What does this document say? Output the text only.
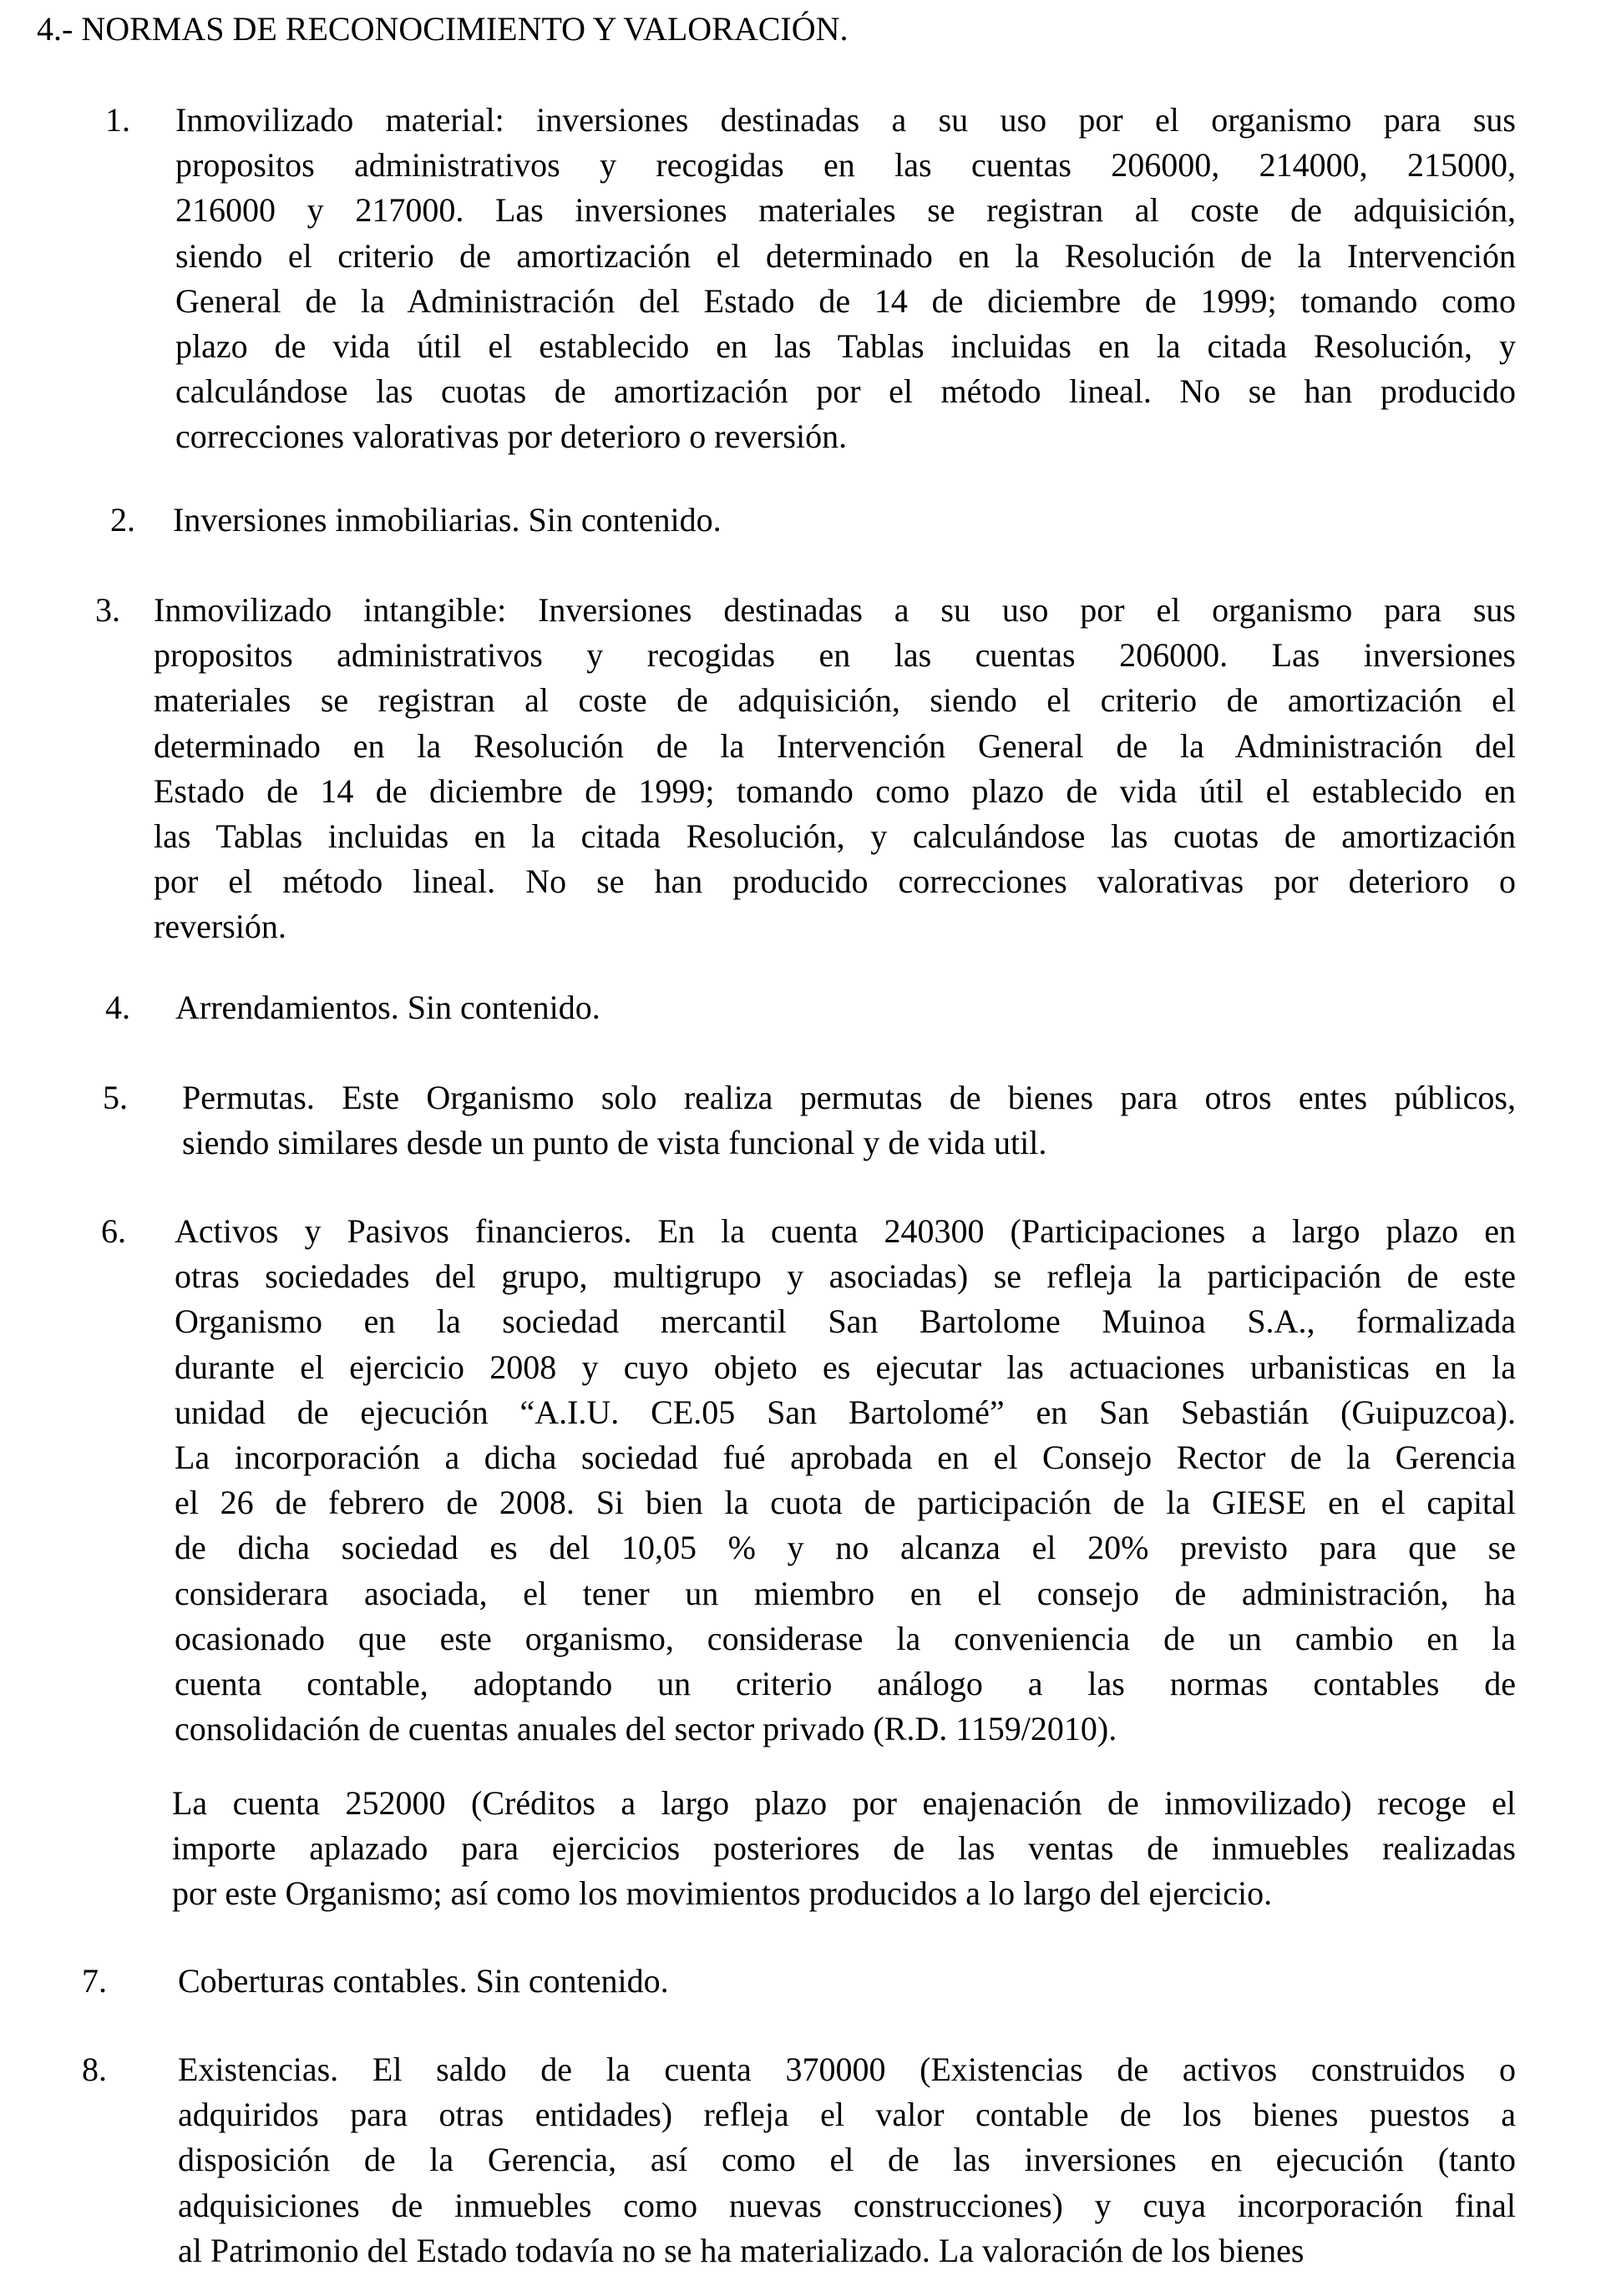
4.- NORMAS DE RECONOCIMIENTO Y VALORACIÓN.
1. Inmovilizado material: inversiones destinadas a su uso por el organismo para sus
propositos administrativos y recogidas en las cuentas 206000, 214000, 215000,
216000 y 217000. Las inversiones materiales se registran al coste de adquisición,
siendo el criterio de amortización el determinado en la Resolución de la Intervención
General de la Administración del Estado de 14 de diciembre de 1999; tomando como
plazo de vida útil el establecido en las Tablas incluidas en la citada Resolución, y
calculándose las cuotas de amortización por el método lineal. No se han producido
correcciones valorativas por deterioro o reversión.
2. Inversiones inmobiliarias. Sin contenido.
3. Inmovilizado intangible: Inversiones destinadas a su uso por el organismo para sus
propositos administrativos y recogidas en las cuentas 206000. Las inversiones
materiales se registran al coste de adquisición, siendo el criterio de amortización el
determinado en la Resolución de la Intervención General de la Administración del
Estado de 14 de diciembre de 1999; tomando como plazo de vida útil el establecido en
las Tablas incluidas en la citada Resolución, y calculándose las cuotas de amortización
por el método lineal. No se han producido correcciones valorativas por deterioro o
reversión.
4. Arrendamientos. Sin contenido.
5. Permutas. Este Organismo solo realiza permutas de bienes para otros entes públicos,
siendo similares desde un punto de vista funcional y de vida util.
6. Activos y Pasivos financieros. En la cuenta 240300 (Participaciones a largo plazo en
otras sociedades del grupo, multigrupo y asociadas) se refleja la participación de este
Organismo en la sociedad mercantil San Bartolome Muinoa S.A., formalizada
durante el ejercicio 2008 y cuyo objeto es ejecutar las actuaciones urbanisticas en la
unidad de ejecución “A.I.U. CE.05 San Bartolomé” en San Sebastián (Guipuzcoa).
La incorporación a dicha sociedad fué aprobada en el Consejo Rector de la Gerencia
el 26 de febrero de 2008. Si bien la cuota de participación de la GIESE en el capital
de dicha sociedad es del 10,05 % y no alcanza el 20% previsto para que se
considerara asociada, el tener un miembro en el consejo de administración, ha
ocasionado que este organismo, considerase la conveniencia de un cambio en la
cuenta contable, adoptando un criterio análogo a las normas contables de
consolidación de cuentas anuales del sector privado (R.D. 1159/2010).
La cuenta 252000 (Créditos a largo plazo por enajenación de inmovilizado) recoge el
importe aplazado para ejercicios posteriores de las ventas de inmuebles realizadas
por este Organismo; así como los movimientos producidos a lo largo del ejercicio.
7. Coberturas contables. Sin contenido.
8. Existencias. El saldo de la cuenta 370000 (Existencias de activos construidos o
adquiridos para otras entidades) refleja el valor contable de los bienes puestos a
disposición de la Gerencia, así como el de las inversiones en ejecución (tanto
adquisiciones de inmuebles como nuevas construcciones) y cuya incorporación final
al Patrimonio del Estado todavía no se ha materializado. La valoración de los bienes
